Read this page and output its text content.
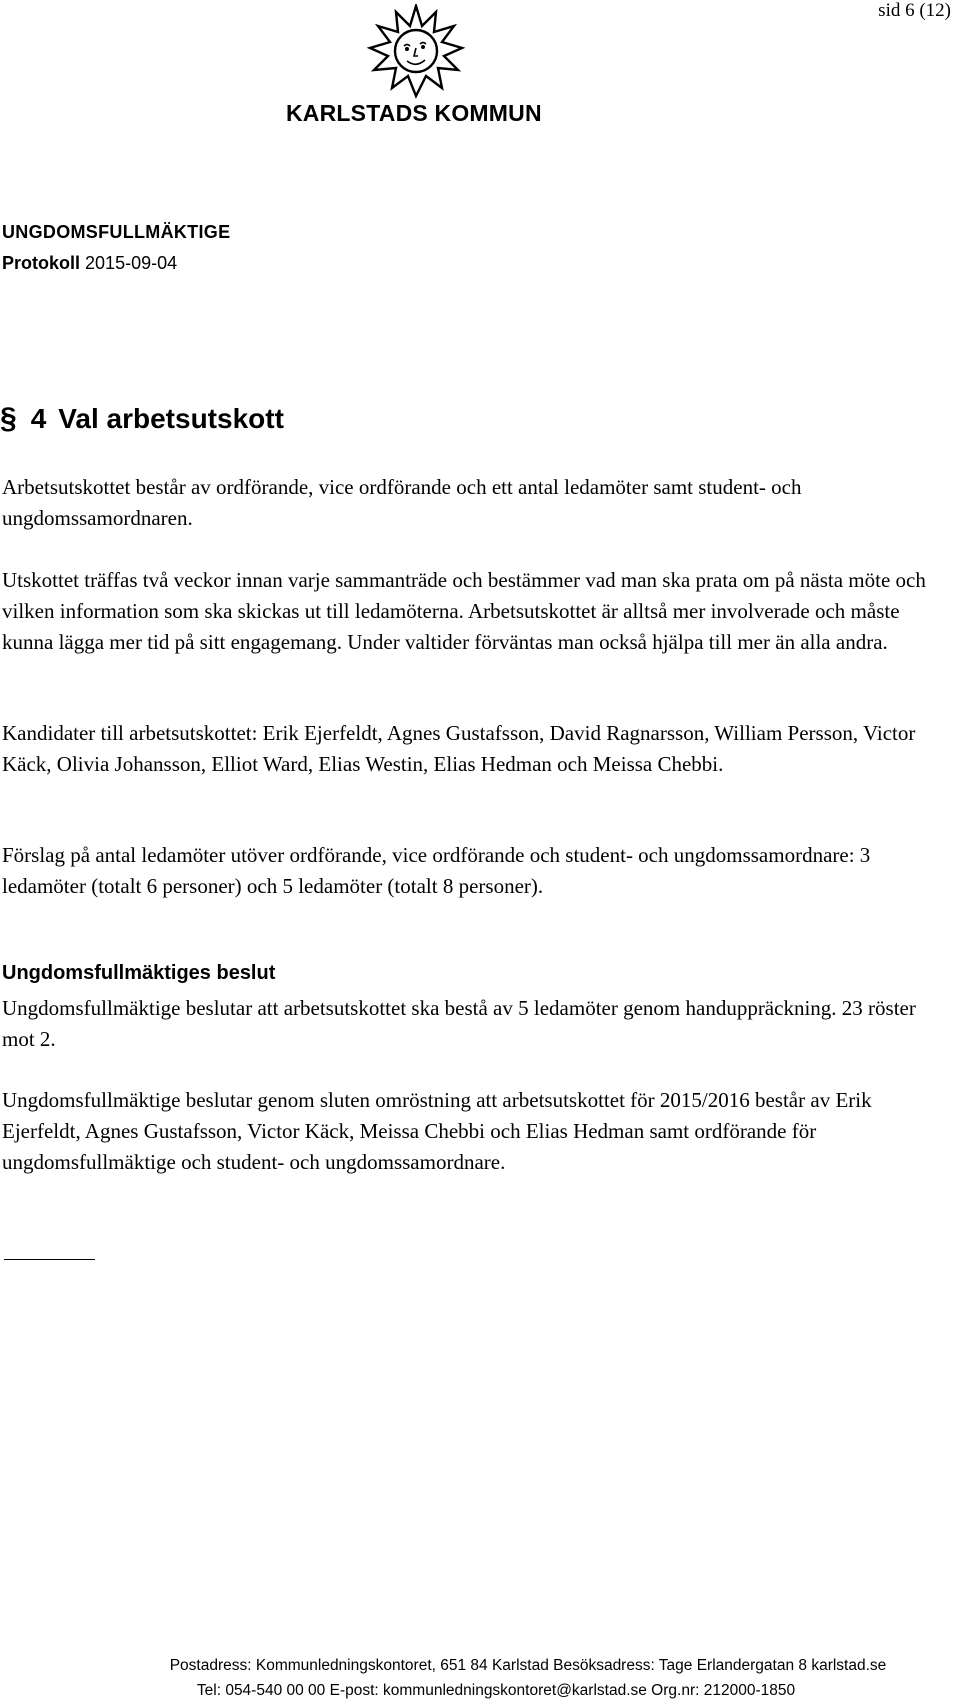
sid 6 (12)
KARLSTADS KOMMUN
UNGDOMSFULLMÄKTIGE
Protokoll 2015-09-04
§ 4 Val arbetsutskott

Arbetsutskottet består av ordförande, vice ordförande och ett antal ledamöter samt student- och ungdomssamordnaren.

Utskottet träffas två veckor innan varje sammanträde och bestämmer vad man ska prata om på nästa möte och vilken information som ska skickas ut till ledamöterna. Arbetsutskottet är alltså mer involverade och måste kunna lägga mer tid på sitt engagemang. Under valtider förväntas man också hjälpa till mer än alla andra.

Kandidater till arbetsutskottet: Erik Ejerfeldt, Agnes Gustafsson, David Ragnarsson, William Persson, Victor Käck, Olivia Johansson, Elliot Ward, Elias Westin, Elias Hedman och Meissa Chebbi.

Förslag på antal ledamöter utöver ordförande, vice ordförande och student- och ungdomssamordnare: 3 ledamöter (totalt 6 personer) och 5 ledamöter (totalt 8 personer).

Ungdomsfullmäktiges beslut

Ungdomsfullmäktige beslutar att arbetsutskottet ska bestå av 5 ledamöter genom handuppräckning. 23 röster mot 2.

Ungdomsfullmäktige beslutar genom sluten omröstning att arbetsutskottet för 2015/2016 består av Erik Ejerfeldt, Agnes Gustafsson, Victor Käck, Meissa Chebbi och Elias Hedman samt ordförande för ungdomsfullmäktige och student- och ungdomssamordnare.

Postadress: Kommunledningskontoret, 651 84 Karlstad Besöksadress: Tage Erlandergatan 8 karlstad.se
Tel: 054-540 00 00 E-post: kommunledningskontoret@karlstad.se Org.nr: 212000-1850
